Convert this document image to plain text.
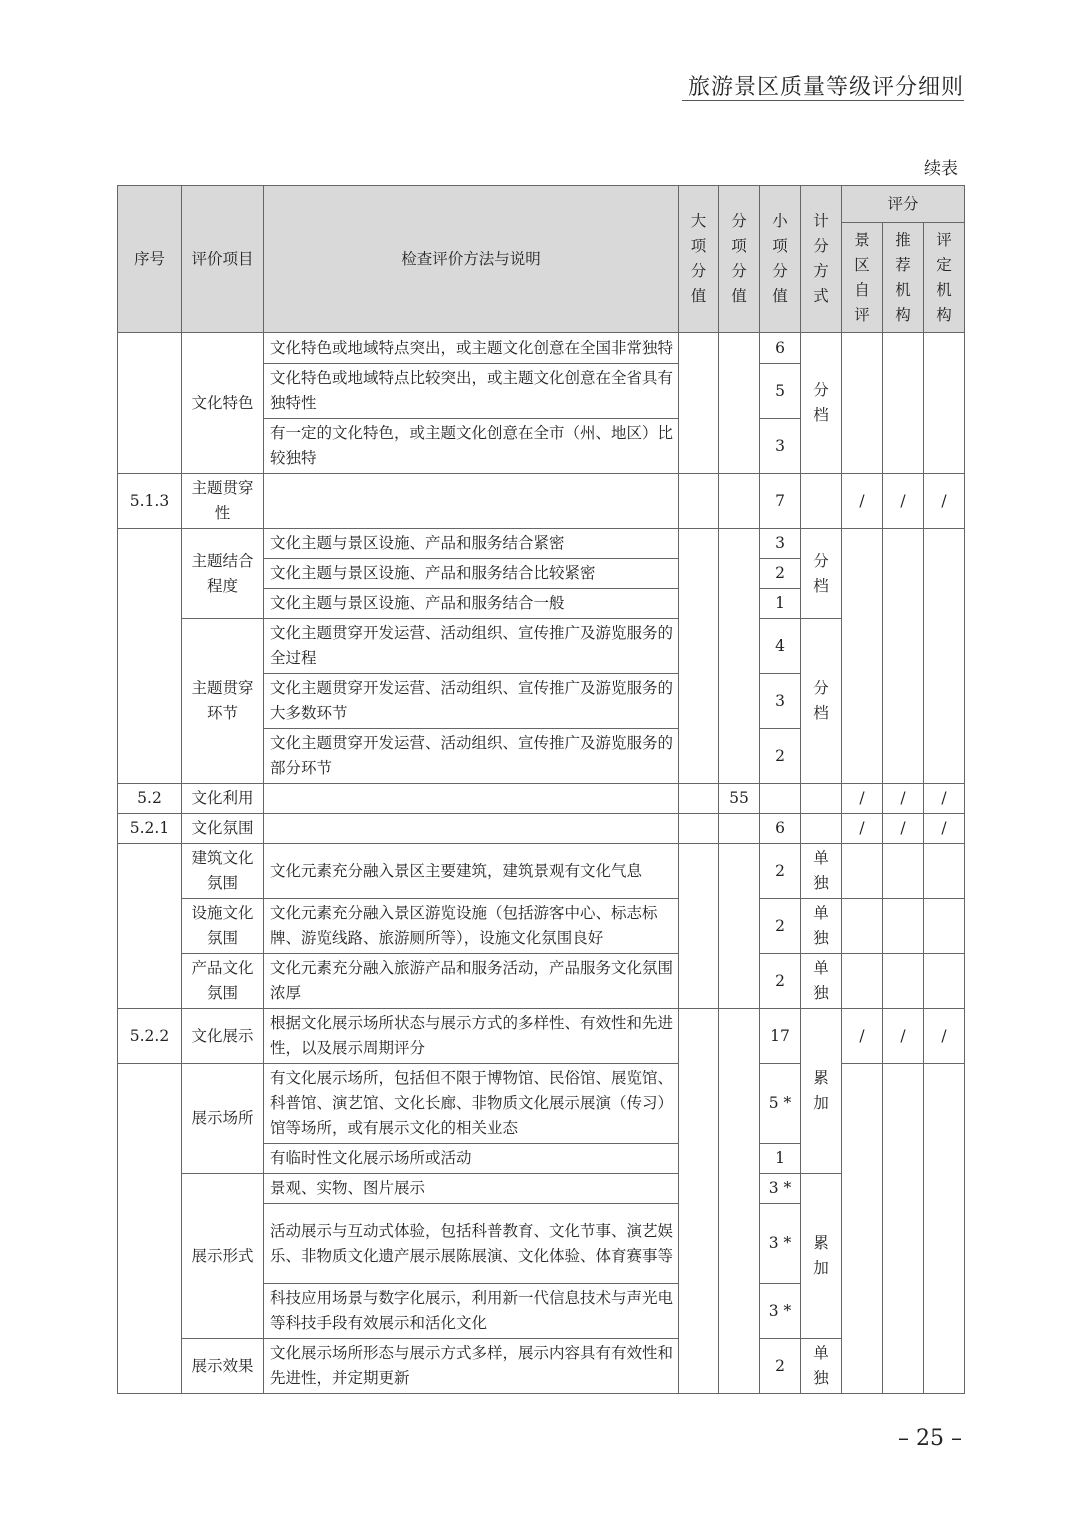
旅游景区质量等级评分细则
续表
序号	评价项目	检查评价方法与说明	大项分值	分项分值	小项分值	计分方式	评分		

							景区自评	推荐机构	评定机构

	文化特色	文化特色或地域特点突出，或主题文化创意在全国非常独特			6	分档			

		文化特色或地域特点比较突出，或主题文化创意在全省具有独特性			5				
		有一定的文化特色，或主题文化创意在全市（州、地区）比较独特			3				
5.1.3	主题贯穿性				7		/	/	/
	主题结合程度	文化主题与景区设施、产品和服务结合紧密			3	分档			

		文化主题与景区设施、产品和服务结合比较紧密			2				
		文化主题与景区设施、产品和服务结合一般			1				
	主题贯穿环节	文化主题贯穿开发运营、活动组织、宣传推广及游览服务的全过程			4	分档			

		文化主题贯穿开发运营、活动组织、宣传推广及游览服务的大多数环节			3				
		文化主题贯穿开发运营、活动组织、宣传推广及游览服务的部分环节			2				
5.2	文化利用			55			/	/	/
5.2.1	文化氛围				6		/	/	/
	建筑文化氛围	文化元素充分融入景区主要建筑，建筑景观有文化气息			2	单独			

	设施文化氛围	文化元素充分融入景区游览设施（包括游客中心、标志标牌、游览线路、旅游厕所等），设施文化氛围良好			2	单独			

	产品文化氛围	文化元素充分融入旅游产品和服务活动，产品服务文化氛围浓厚			2	单独			

5.2.2	文化展示	根据文化展示场所状态与展示方式的多样性、有效性和先进性，以及展示周期评分			17	累加	/	/	/
	展示场所	有文化展示场所，包括但不限于博物馆、民俗馆、展览馆、科普馆、演艺馆、文化长廊、非物质文化展示展演（传习）馆等场所，或有展示文化的相关业态			5 *				
		有临时性文化展示场所或活动			1				
	展示形式	景观、实物、图片展示			3 *	累加			

		活动展示与互动式体验，包括科普教育、文化节事、演艺娱乐、非物质文化遗产展示展陈展演、文化体验、体育赛事等			3 *				
		科技应用场景与数字化展示，利用新一代信息技术与声光电等科技手段有效展示和活化文化			3 *				
	展示效果	文化展示场所形态与展示方式多样，展示内容具有有效性和先进性，并定期更新			2	单独			
– 25 –
